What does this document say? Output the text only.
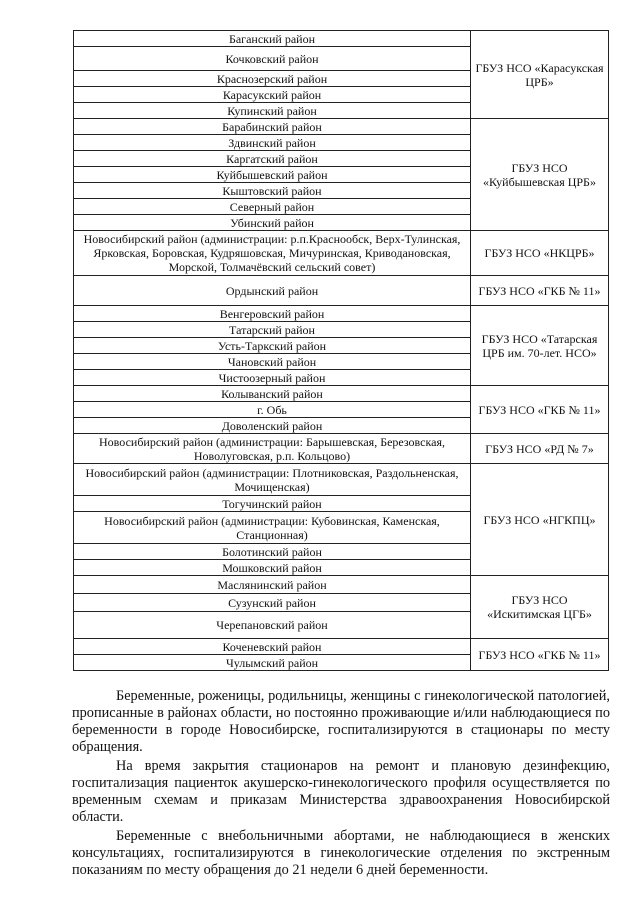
Баганский район	ГБУЗ НСО «Карасукская ЦРБ»
Кочковский район	
Краснозерский район	
Карасукский район	
Купинский район	
Барабинский район	ГБУЗ НСО «Куйбышевская ЦРБ»
Здвинский район	
Каргатский район	
Куйбышевский район	
Кыштовский район	
Северный район	
Убинский район	
Новосибирский район (администрации: р.п.Краснообск, Верх-Тулинская, Ярковская, Боровская, Кудряшовская, Мичуринская, Криводановская, Морской, Толмачёвский сельский совет)	ГБУЗ НСО «НКЦРБ»
Ордынский район	ГБУЗ НСО «ГКБ № 11»
Венгеровский район	ГБУЗ НСО «Татарская ЦРБ им. 70-лет. НСО»
Татарский район	
Усть-Таркский район	
Чановский район	
Чистоозерный район	
Колыванский район	ГБУЗ НСО «ГКБ № 11»
г. Обь	
Доволенский район	
Новосибирский район (администрации: Барышевская, Березовская, Новолуговская, р.п. Кольцово)	ГБУЗ НСО «РД № 7»
Новосибирский район (администрации: Плотниковская, Раздольненская, Мочищенская)	ГБУЗ НСО «НГКПЦ»
Тогучинский район	
Новосибирский район (администрации: Кубовинская, Каменская, Станционная)	
Болотинский район	
Мошковский район	
Маслянинский район	ГБУЗ НСО «Искитимская ЦГБ»
Сузунский район	
Черепановский район	
Коченевский район	ГБУЗ НСО «ГКБ № 11»
Чулымский район	

Беременные, роженицы, родильницы, женщины с гинекологической патологией, прописанные в районах области, но постоянно проживающие и/или наблюдающиеся по беременности в городе Новосибирске, госпитализируются в стационары по месту обращения.

На время закрытия стационаров на ремонт и плановую дезинфекцию, госпитализация пациенток акушерско-гинекологического профиля осуществляется по временным схемам и приказам Министерства здравоохранения Новосибирской области.

Беременные с внебольничными абортами, не наблюдающиеся в женских консультациях, госпитализируются в гинекологические отделения по экстренным показаниям по месту обращения до 21 недели 6 дней беременности.
